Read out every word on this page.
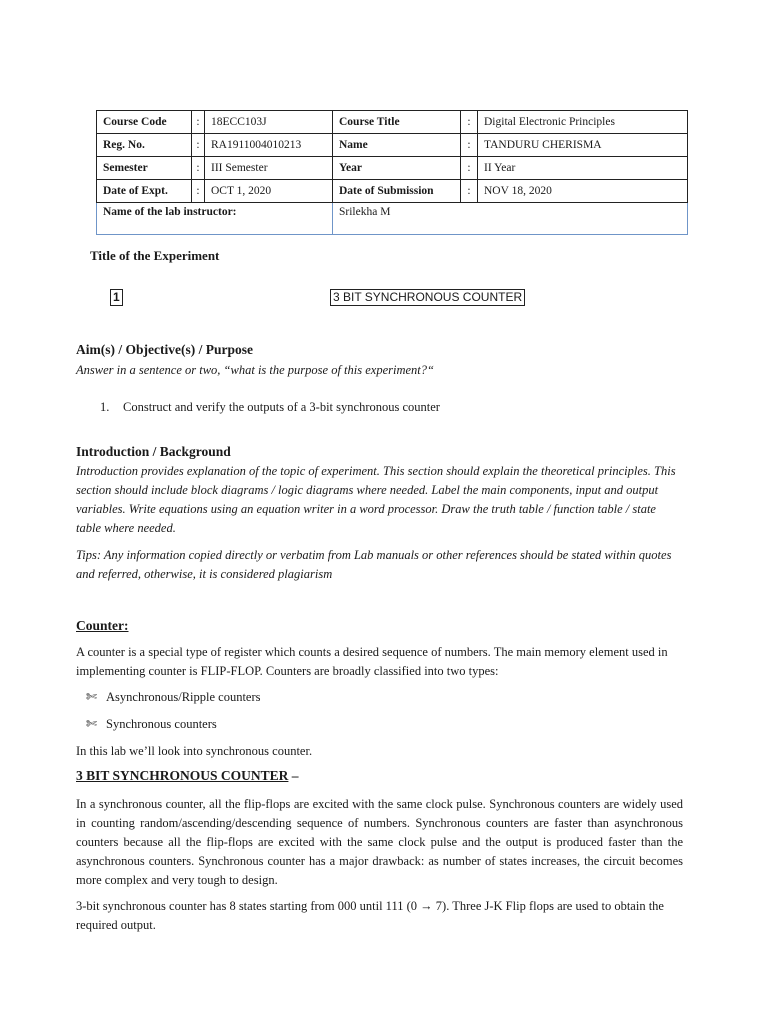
Course Code	:	18ECC103J	Course Title	:	Digital Electronic Principles
Reg. No.	:	RA1911004010213	Name	:	TANDURU CHERISMA
Semester	:	III Semester	Year	:	II Year
Date of Expt.	:	OCT 1, 2020	Date of Submission	:	NOV 18, 2020
Name of the lab instructor:			Srilekha M		
Title of the Experiment
1	3 BIT SYNCHRONOUS COUNTER
Aim(s) / Objective(s) / Purpose
Answer in a sentence or two, “what is the purpose of this experiment?“
1. Construct and verify the outputs of a 3-bit synchronous counter
Introduction / Background
Introduction provides explanation of the topic of experiment. This section should explain the theoretical principles. This section should include block diagrams / logic diagrams where needed. Label the main components, input and output variables. Write equations using an equation writer in a word processor. Draw the truth table / function table / state table where needed.
Tips: Any information copied directly or verbatim from Lab manuals or other references should be stated within quotes and referred, otherwise, it is considered plagiarism
Counter:
A counter is a special type of register which counts a desired sequence of numbers. The main memory element used in implementing counter is FLIP-FLOP. Counters are broadly classified into two types:
✄ Asynchronous/Ripple counters
✄ Synchronous counters
In this lab we’ll look into synchronous counter.
3 BIT SYNCHRONOUS COUNTER –
In a synchronous counter, all the flip-flops are excited with the same clock pulse. Synchronous counters are widely used in counting random/ascending/descending sequence of numbers. Synchronous counters are faster than asynchronous counters because all the flip-flops are excited with the same clock pulse and the output is produced faster than the asynchronous counters. Synchronous counter has a major drawback: as number of states increases, the circuit becomes more complex and very tough to design.
3-bit synchronous counter has 8 states starting from 000 until 111 (0 → 7). Three J-K Flip flops are used to obtain the required output.
